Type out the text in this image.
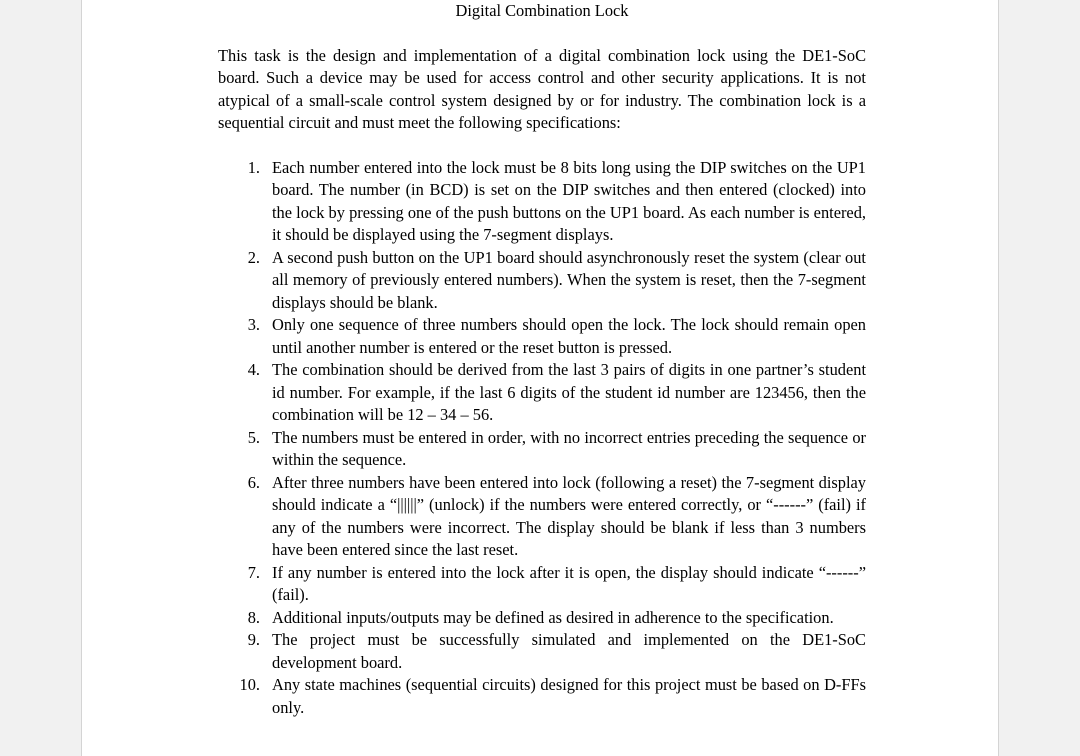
Digital Combination Lock

This task is the design and implementation of a digital combination lock using the DE1-SoC board. Such a device may be used for access control and other security applications. It is not atypical of a small-scale control system designed by or for industry. The combination lock is a sequential circuit and must meet the following specifications:

1. Each number entered into the lock must be 8 bits long using the DIP switches on the UP1 board. The number (in BCD) is set on the DIP switches and then entered (clocked) into the lock by pressing one of the push buttons on the UP1 board. As each number is entered, it should be displayed using the 7-segment displays.
2. A second push button on the UP1 board should asynchronously reset the system (clear out all memory of previously entered numbers). When the system is reset, then the 7-segment displays should be blank.
3. Only one sequence of three numbers should open the lock. The lock should remain open until another number is entered or the reset button is pressed.
4. The combination should be derived from the last 3 pairs of digits in one partner’s student id number. For example, if the last 6 digits of the student id number are 123456, then the combination will be 12 – 34 – 56.
5. The numbers must be entered in order, with no incorrect entries preceding the sequence or within the sequence.
6. After three numbers have been entered into lock (following a reset) the 7-segment display should indicate a “||||||” (unlock) if the numbers were entered correctly, or “------” (fail) if any of the numbers were incorrect. The display should be blank if less than 3 numbers have been entered since the last reset.
7. If any number is entered into the lock after it is open, the display should indicate “------” (fail).
8. Additional inputs/outputs may be defined as desired in adherence to the specification.
9. The project must be successfully simulated and implemented on the DE1-SoC development board.
10. Any state machines (sequential circuits) designed for this project must be based on D-FFs only.
